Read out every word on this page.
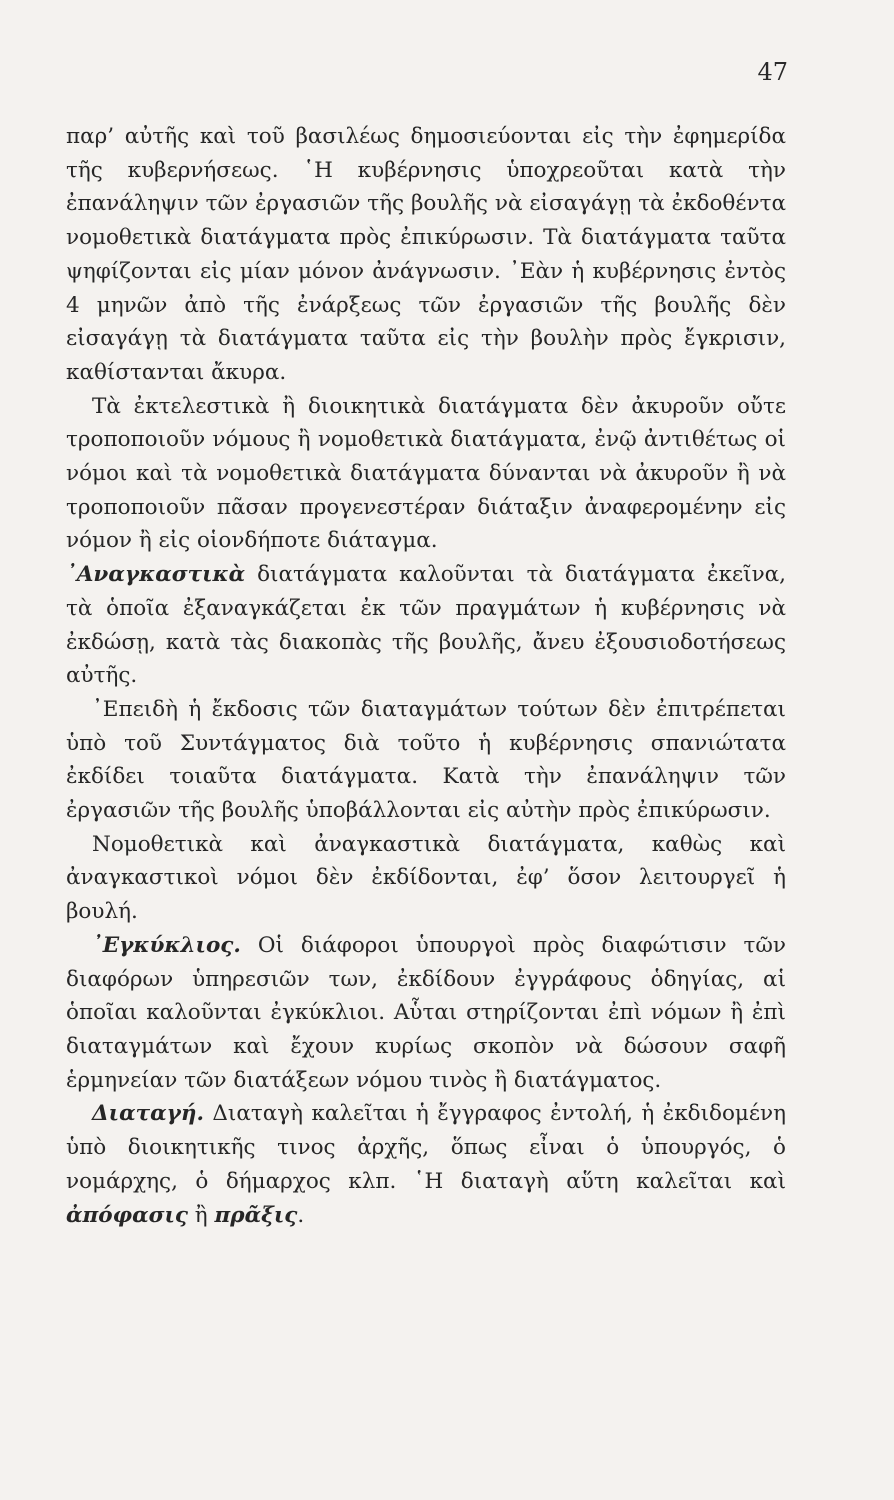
47

παρ’ αὐτῆς καὶ τοῦ βασιλέως δημοσιεύονται εἰς τὴν ἐφημερίδα τῆς κυβερνήσεως. ῾Η κυβέρνησις ὑποχρεοῦται κατὰ τὴν ἐπανάληψιν τῶν ἐργασιῶν τῆς βουλῆς νὰ εἰσαγάγῃ τὰ ἐκδοθέντα νομοθετικὰ διατάγματα πρὸς ἐπικύρωσιν. Τὰ διατάγματα ταῦτα ψηφίζονται εἰς μίαν μόνον ἀνάγνωσιν. ᾽Εὰν ἡ κυβέρνησις ἐντὸς 4 μηνῶν ἀπὸ τῆς ἐνάρξεως τῶν ἐργασιῶν τῆς βουλῆς δὲν εἰσαγάγῃ τὰ διατάγματα ταῦτα εἰς τὴν βουλὴν πρὸς ἔγκρισιν, καθίστανται ἄκυρα.

Τὰ ἐκτελεστικὰ ἢ διοικητικὰ διατάγματα δὲν ἀκυροῦν οὔτε τροποποιοῦν νόμους ἢ νομοθετικὰ διατάγματα, ἐνῷ ἀντιθέτως οἱ νόμοι καὶ τὰ νομοθετικὰ διατάγματα δύνανται νὰ ἀκυροῦν ἢ νὰ τροποποιοῦν πᾶσαν προγενεστέραν διάταξιν ἀναφερομένην εἰς νόμον ἢ εἰς οἱονδήποτε διάταγμα.

᾽Αναγκαστικὰ διατάγματα καλοῦνται τὰ διατάγματα ἐκεῖνα, τὰ ὁποῖα ἐξαναγκάζεται ἐκ τῶν πραγμάτων ἡ κυβέρνησις νὰ ἐκδώσῃ, κατὰ τὰς διακοπὰς τῆς βουλῆς, ἄνευ ἐξουσιοδοτήσεως αὐτῆς.

᾽Επειδὴ ἡ ἔκδοσις τῶν διαταγμάτων τούτων δὲν ἐπιτρέπεται ὑπὸ τοῦ Συντάγματος διὰ τοῦτο ἡ κυβέρνησις σπανιώτατα ἐκδίδει τοιαῦτα διατάγματα. Κατὰ τὴν ἐπανάληψιν τῶν ἐργασιῶν τῆς βουλῆς ὑποβάλλονται εἰς αὐτὴν πρὸς ἐπικύρωσιν.

Νομοθετικὰ καὶ ἀναγκαστικὰ διατάγματα, καθὼς καὶ ἀναγκαστικοὶ νόμοι δὲν ἐκδίδονται, ἐφ’ ὅσον λειτουργεῖ ἡ βουλή.

᾽Εγκύκλιος. Οἱ διάφοροι ὑπουργοὶ πρὸς διαφώτισιν τῶν διαφόρων ὑπηρεσιῶν των, ἐκδίδουν ἐγγράφους ὁδηγίας, αἱ ὁποῖαι καλοῦνται ἐγκύκλιοι. Αὗται στηρίζονται ἐπὶ νόμων ἢ ἐπὶ διαταγμάτων καὶ ἔχουν κυρίως σκοπὸν νὰ δώσουν σαφῆ ἑρμηνείαν τῶν διατάξεων νόμου τινὸς ἢ διατάγματος.

Διαταγή. Διαταγὴ καλεῖται ἡ ἔγγραφος ἐντολή, ἡ ἐκδιδομένη ὑπὸ διοικητικῆς τινος ἀρχῆς, ὅπως εἶναι ὁ ὑπουργός, ὁ νομάρχης, ὁ δήμαρχος κλπ. ῾Η διαταγὴ αὕτη καλεῖται καὶ ἀπόφασις ἢ πρᾶξις.
